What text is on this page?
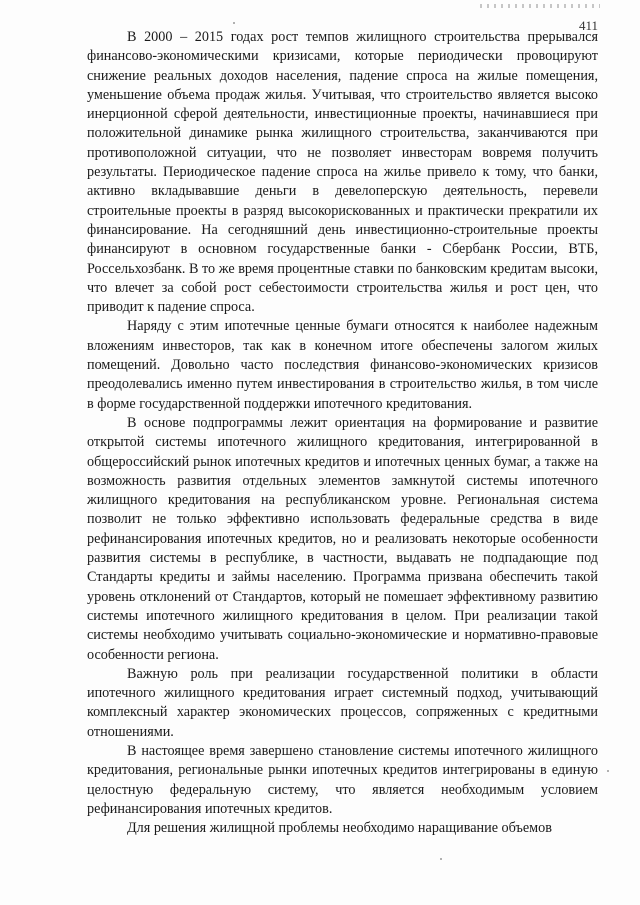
411

В 2000 – 2015 годах рост темпов жилищного строительства прерывался финансово-экономическими кризисами, которые периодически провоцируют снижение реальных доходов населения, падение спроса на жилые помещения, уменьшение объема продаж жилья. Учитывая, что строительство является высоко инерционной сферой деятельности, инвестиционные проекты, начинавшиеся при положительной динамике рынка жилищного строительства, заканчиваются при противоположной ситуации, что не позволяет инвесторам вовремя получить результаты. Периодическое падение спроса на жилье привело к тому, что банки, активно вкладывавшие деньги в девелоперскую деятельность, перевели строительные проекты в разряд высокорискованных и практически прекратили их финансирование. На сегодняшний день инвестиционно-строительные проекты финансируют в основном государственные банки - Сбербанк России, ВТБ, Россельхозбанк. В то же время процентные ставки по банковским кредитам высоки, что влечет за собой рост себестоимости строительства жилья и рост цен, что приводит к падение спроса.

Наряду с этим ипотечные ценные бумаги относятся к наиболее надежным вложениям инвесторов, так как в конечном итоге обеспечены залогом жилых помещений. Довольно часто последствия финансово-экономических кризисов преодолевались именно путем инвестирования в строительство жилья, в том числе в форме государственной поддержки ипотечного кредитования.

В основе подпрограммы лежит ориентация на формирование и развитие открытой системы ипотечного жилищного кредитования, интегрированной в общероссийский рынок ипотечных кредитов и ипотечных ценных бумаг, а также на возможность развития отдельных элементов замкнутой системы ипотечного жилищного кредитования на республиканском уровне. Региональная система позволит не только эффективно использовать федеральные средства в виде рефинансирования ипотечных кредитов, но и реализовать некоторые особенности развития системы в республике, в частности, выдавать не подпадающие под Стандарты кредиты и займы населению. Программа призвана обеспечить такой уровень отклонений от Стандартов, который не помешает эффективному развитию системы ипотечного жилищного кредитования в целом. При реализации такой системы необходимо учитывать социально-экономические и нормативно-правовые особенности региона.

Важную роль при реализации государственной политики в области ипотечного жилищного кредитования играет системный подход, учитывающий комплексный характер экономических процессов, сопряженных с кредитными отношениями.

В настоящее время завершено становление системы ипотечного жилищного кредитования, региональные рынки ипотечных кредитов интегрированы в единую целостную федеральную систему, что является необходимым условием рефинансирования ипотечных кредитов.

Для решения жилищной проблемы необходимо наращивание объемов
